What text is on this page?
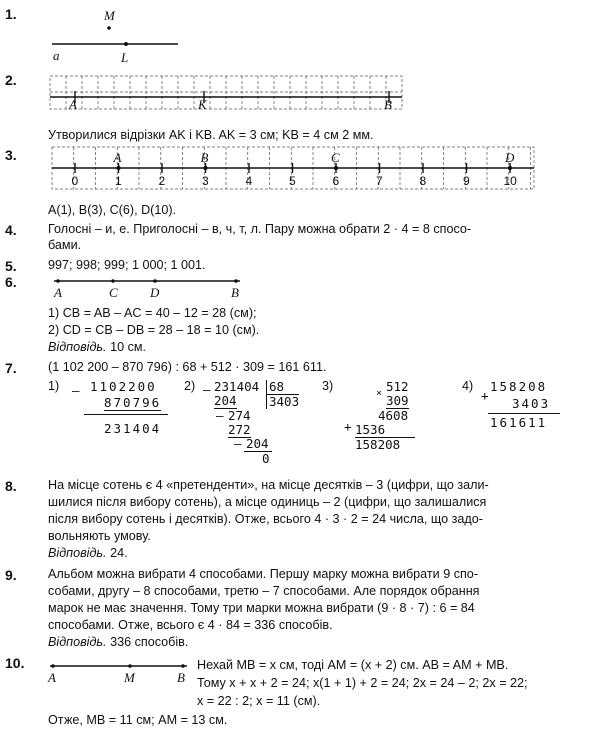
1.	M
a	L
A	K	B
0	1	2	3	4	5	6	7	8	9	10
A	B	C	D
A	C D	B
A	M	B
2.
Утворилися відрізки AK і KB. AK = 3 см; KB = 4 см 2 мм.
3.
A(1), B(3), C(6), D(10).
4. Голосні – и, е. Приголосні – в, ч, т, л. Пару можна обрати 2 · 4 = 8 спосо-
бами.
5. 997; 998; 999; 1 000; 1 001.
6.
1) CB = AB – AC = 40 – 12 = 28 (см);
2) CD = CB – DB = 28 – 18 = 10 (см).
Відповідь. 10 см.
7. (1 102 200 – 870 796) : 68 + 512 · 309 = 161 611.
1) – 1102200
870796
231404
2) – 231404 68
3403
204
– 274
272
– 204
0
3)
× 512
309
4608
+ 1536
158208
4)
+
158208
3403
161611
8. На місце сотень є 4 «претенденти», на місце десятків – 3 (цифри, що зали-
шилися після вибору сотень), а місце одиниць – 2 (цифри, що залишалися
після вибору сотень і десятків). Отже, всього 4 · 3 · 2 = 24 числа, що задо-
вольняють умову.
Відповідь. 24.
9. Альбом можна вибрати 4 способами. Першу марку можна вибрати 9 спо-
собами, другу – 8 способами, третю – 7 способами. Але порядок обрання
марок не має значення. Тому три марки можна вибрати (9 · 8 · 7) : 6 = 84
способами. Отже, всього є 4 · 84 = 336 способів.
Відповідь. 336 способів.
10.	Нехай MB = x см, тоді AM = (x + 2) см. AB = AM + MB.
Тому x + x + 2 = 24; x(1 + 1) + 2 = 24; 2x = 24 – 2; 2x = 22;
x = 22 : 2; x = 11 (см).
Отже, MB = 11 см; AM = 13 см.
